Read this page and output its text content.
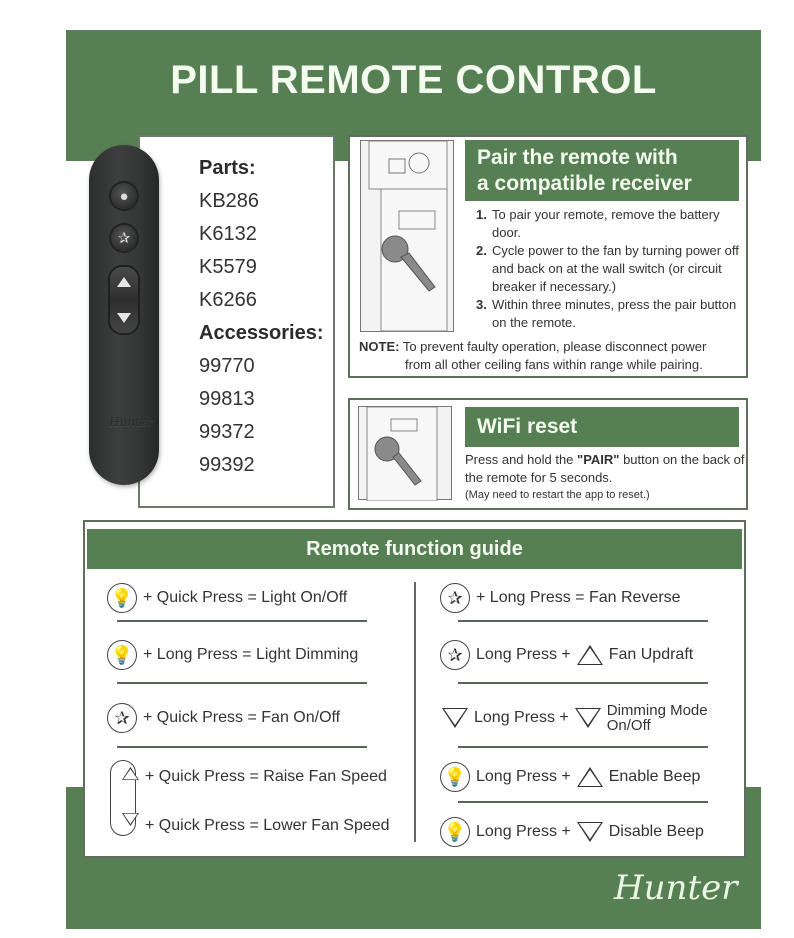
PILL REMOTE CONTROL
●
✰
Hunter
Parts:
KB286
K6132
K5579
K6266
Accessories:
99770
99813
99372
99392
Pair the remote with
a compatible receiver
1. To pair your remote, remove the battery door.
2. Cycle power to the fan by turning power off and back on at the wall switch (or circuit breaker if necessary.)
3. Within three minutes, press the pair button on the remote.
NOTE: To prevent faulty operation, please disconnect power
from all other ceiling fans within range while pairing.
WiFi reset
Press and hold the "PAIR" button on the back of the remote for 5 seconds.
(May need to restart the app to reset.)
Remote function guide
💡 + Quick Press = Light On/Off
💡 + Long Press = Light Dimming
✰ + Quick Press = Fan On/Off
+ Quick Press = Raise Fan Speed
+ Quick Press = Lower Fan Speed
✰ + Long Press = Fan Reverse
✰ Long Press + Fan Updraft
Long Press +	Dimming Mode
On/Off
💡 Long Press + Enable Beep
💡 Long Press + Disable Beep
Hunter
